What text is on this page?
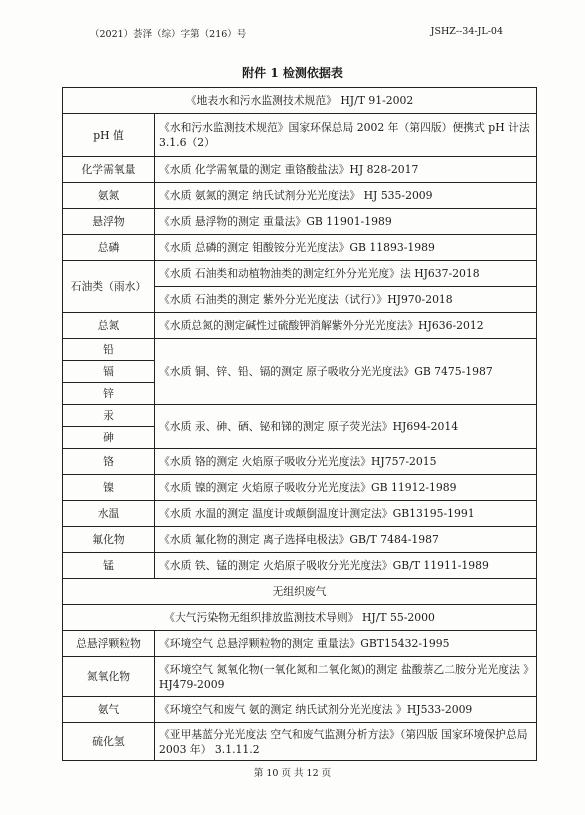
（2021）荟泽（综）字第（216）号	JSHZ--34-JL-04
附件 1 检测依据表
《地表水和污水监测技术规范》 HJ/T 91-2002	
pH 值	《水和污水监测技术规范》国家环保总局 2002 年（第四版）便携式 pH 计法 3.1.6（2）
化学需氧量	《水质 化学需氧量的测定 重铬酸盐法》HJ 828-2017
氨氮	《水质 氨氮的测定 纳氏试剂分光光度法》 HJ 535-2009
悬浮物	《水质 悬浮物的测定 重量法》GB 11901-1989
总磷	《水质 总磷的测定 钼酸铵分光光度法》GB 11893-1989
石油类（雨水）	《水质 石油类和动植物油类的测定红外分光光度》法 HJ637-2018
	《水质 石油类的测定 紫外分光光度法（试行）》HJ970-2018
总氮	《水质总氮的测定碱性过硫酸钾消解紫外分光光度法》HJ636-2012
铅	《水质 铜、锌、铅、镉的测定 原子吸收分光光度法》GB 7475-1987
镉	
锌	
汞	《水质 汞、砷、硒、铋和锑的测定 原子荧光法》HJ694-2014
砷	
铬	《水质 铬的测定 火焰原子吸收分光光度法》HJ757-2015
镍	《水质 镍的测定 火焰原子吸收分光光度法》GB 11912-1989
水温	《水质 水温的测定 温度计或颠倒温度计测定法》GB13195-1991
氟化物	《水质 氟化物的测定 离子选择电极法》GB/T 7484-1987
锰	《水质 铁、锰的测定 火焰原子吸收分光光度法》GB/T 11911-1989
无组织废气	
《大气污染物无组织排放监测技术导则》 HJ/T 55-2000	
总悬浮颗粒物	《环境空气 总悬浮颗粒物的测定 重量法》GBT15432-1995
氮氧化物	《环境空气 氮氧化物(一氧化氮和二氧化氮)的测定 盐酸萘乙二胺分光光度法 》HJ479-2009
氨气	《环境空气和废气 氨的测定 纳氏试剂分光光度法 》HJ533-2009
硫化氢	《亚甲基蓝分光光度法 空气和废气监测分析方法》（第四版 国家环境保护总局 2003 年） 3.1.11.2
第 10 页 共 12 页
